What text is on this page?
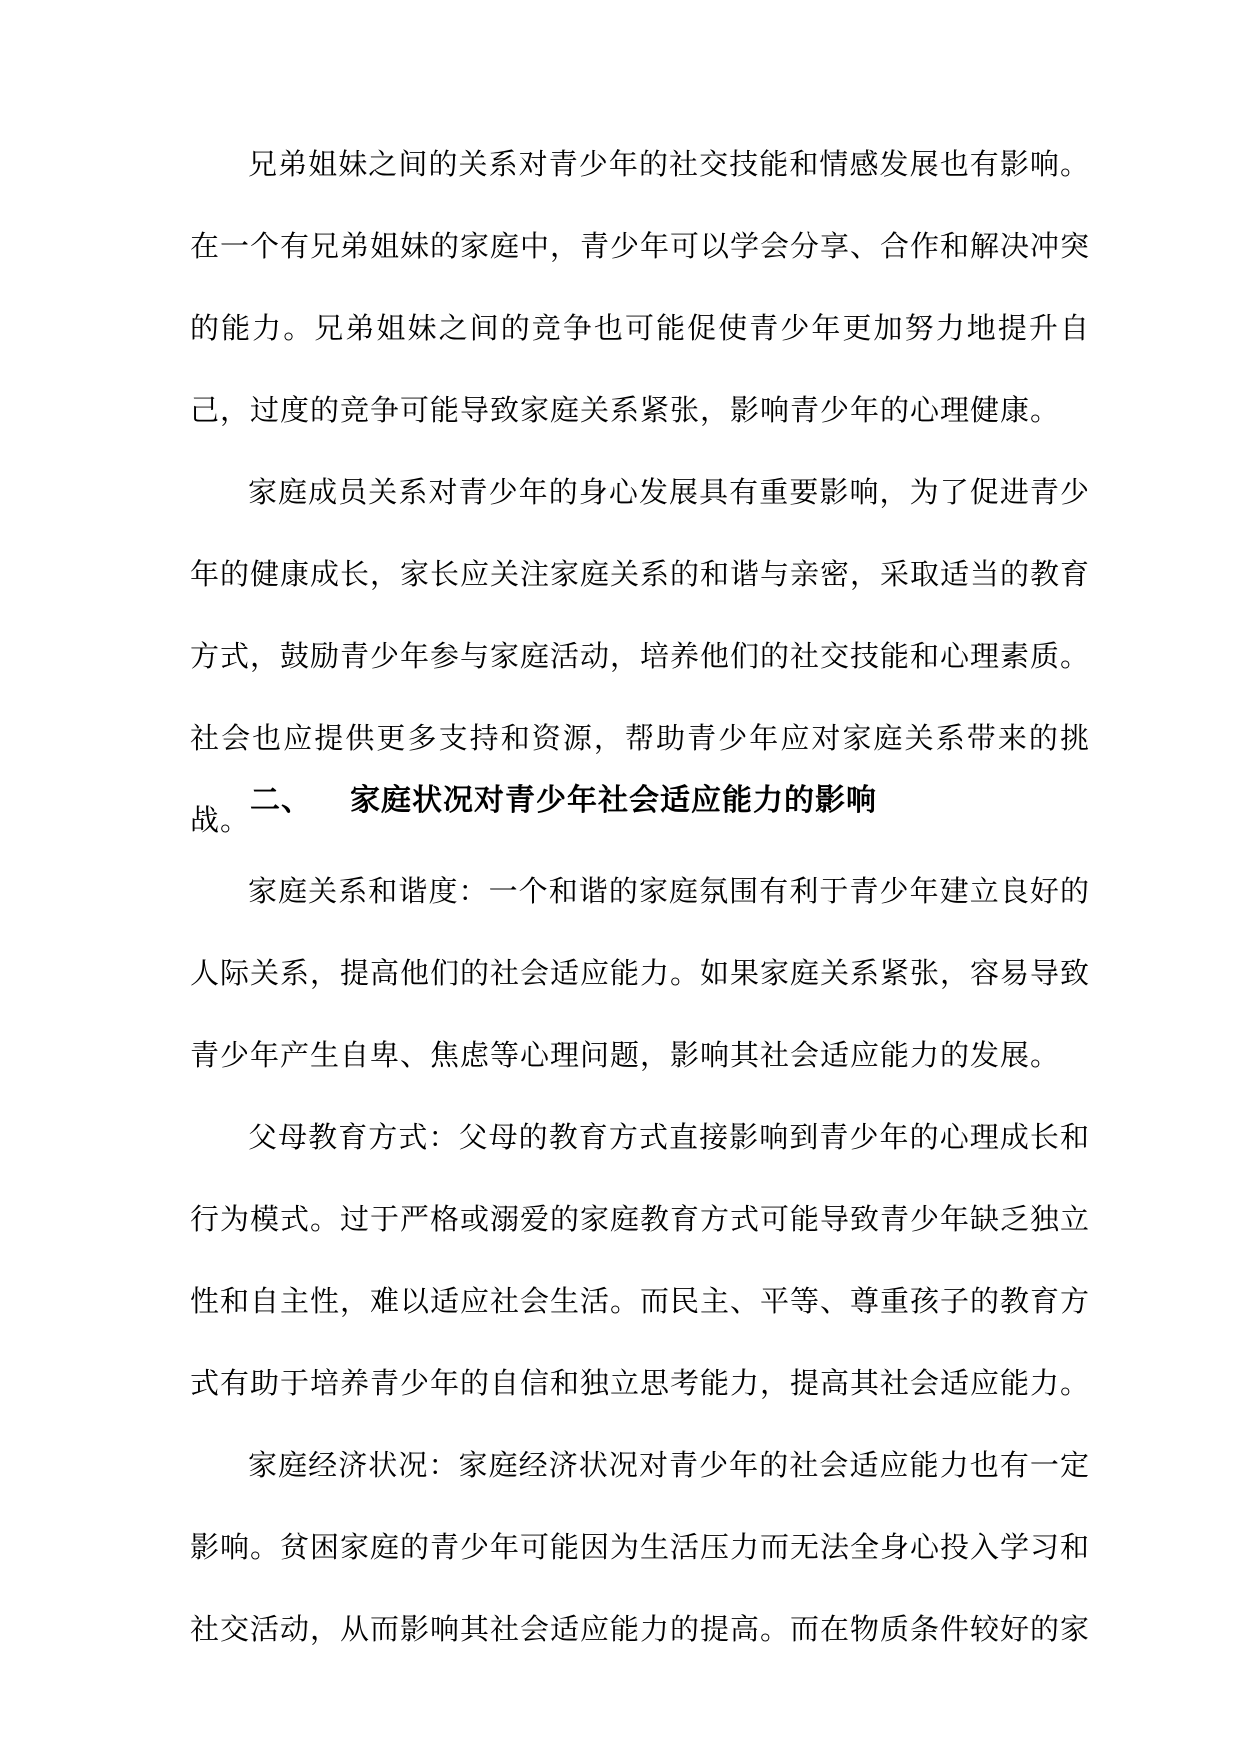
兄弟姐妹之间的关系对青少年的社交技能和情感发展也有影响。在一个有兄弟姐妹的家庭中，青少年可以学会分享、合作和解决冲突的能力。兄弟姐妹之间的竞争也可能促使青少年更加努力地提升自己，过度的竞争可能导致家庭关系紧张，影响青少年的心理健康。

家庭成员关系对青少年的身心发展具有重要影响，为了促进青少年的健康成长，家长应关注家庭关系的和谐与亲密，采取适当的教育方式，鼓励青少年参与家庭活动，培养他们的社交技能和心理素质。社会也应提供更多支持和资源，帮助青少年应对家庭关系带来的挑战。

二、 家庭状况对青少年社会适应能力的影响

家庭关系和谐度：一个和谐的家庭氛围有利于青少年建立良好的人际关系，提高他们的社会适应能力。如果家庭关系紧张，容易导致青少年产生自卑、焦虑等心理问题，影响其社会适应能力的发展。

父母教育方式：父母的教育方式直接影响到青少年的心理成长和行为模式。过于严格或溺爱的家庭教育方式可能导致青少年缺乏独立性和自主性，难以适应社会生活。而民主、平等、尊重孩子的教育方式有助于培养青少年的自信和独立思考能力，提高其社会适应能力。

家庭经济状况：家庭经济状况对青少年的社会适应能力也有一定影响。贫困家庭的青少年可能因为生活压力而无法全身心投入学习和社交活动，从而影响其社会适应能力的提高。而在物质条件较好的家
